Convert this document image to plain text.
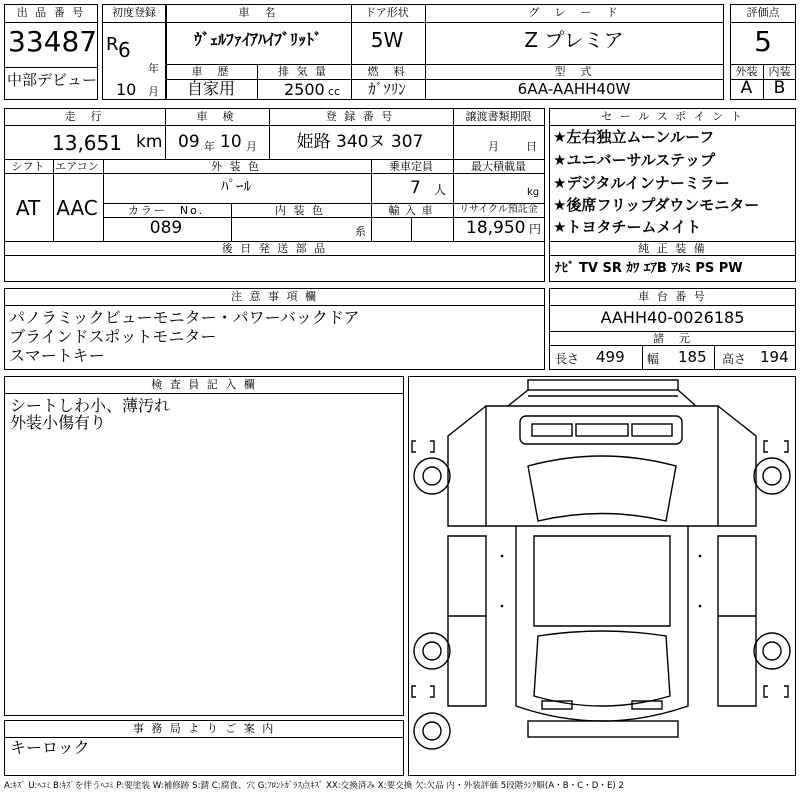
出 品 番 号
33487
中部デビュー
初度登録
R 6
年
10 月
車　名
ｳﾞｪﾙﾌｧｲｱﾊｲﾌﾞﾘｯﾄﾞ
ドア形状
5W
グ　レ　ー　ド
Z プレミア
車　歴
自家用
排 気 量
2500 cc
燃　料
ｶﾞｿﾘﾝ
型　式
6AA-AAHH40W
評価点
5
外装	内装
A	B
走　行
13,651 km
車　検
09 年 10 月
登 録 番 号
姫路 340ヌ 307
譲渡書類期限
月 日
シフト
AT
エアコン
AAC
外 装 色
ﾊﾟｰﾙ
乗車定員
7 人
最大積載量
kg
カラー　No.
089
内 装 色
系
輸 入 車	リサイクル預託金
18,950 円
後 日 発 送 部 品
セ ー ル ス ポ イ ン ト
★左右独立ムーンルーフ
★ユニバーサルステップ
★デジタルインナーミラー
★後席フリップダウンモニター
★トヨタチームメイト
純 正 装 備
ﾅﾋﾞ TV SR ｶﾜ ｴｱB ｱﾙﾐ PS PW
注 意 事 項 欄
パノラミックビューモニター・パワーバックドア
ブラインドスポットモニター
スマートキー
車 台 番 号
AAHH40-0026185
諸　元
長さ 499 幅 185 高さ 194
検 査 員 記 入 欄
シートしわ小、薄汚れ
外装小傷有り
事 務 局 よ り ご 案 内
キーロック
A:ｷｽﾞ U:ﾍｺﾐ B:ｷｽﾞを伴うﾍｺﾐ P:要塗装 W:補修跡 S:錆 C:腐食、穴 G:ﾌﾛﾝﾄｶﾞﾗｽ点ｷｽﾞ XX:交換済み X:要交換 欠:欠品 内・外装評価 5段階ﾗﾝｸ順(A・B・C・D・E) 2
